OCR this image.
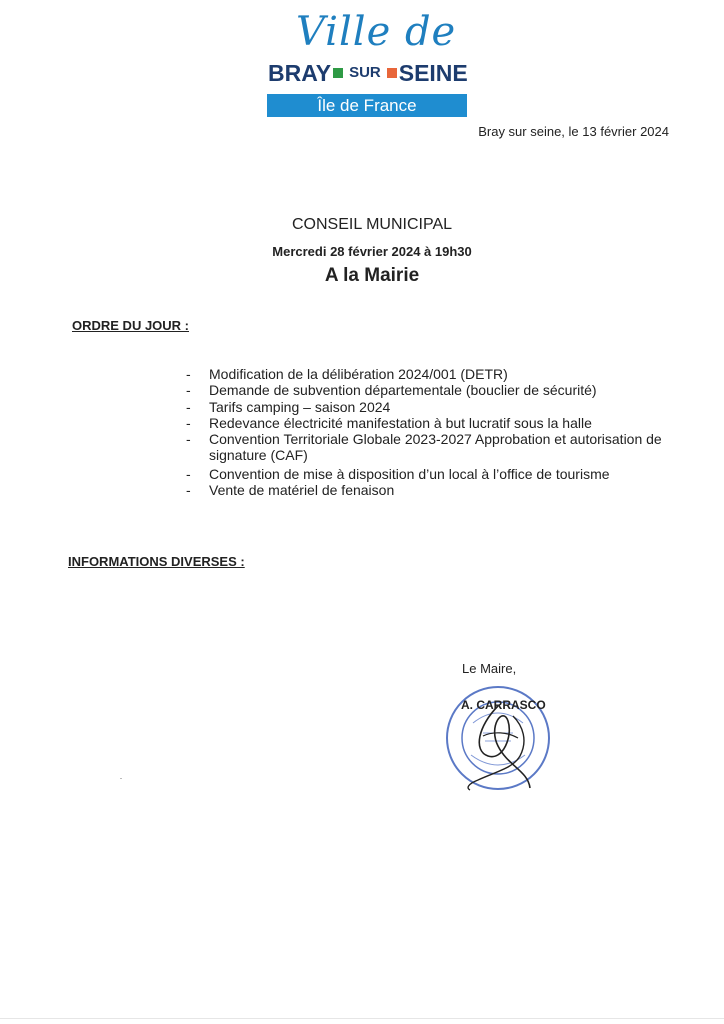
Ville de
BRAY SUR SEINE
Île de France
Bray sur seine, le 13 février 2024
CONSEIL MUNICIPAL
Mercredi 28 février 2024 à 19h30
A la Mairie
ORDRE DU JOUR :
- Modification de la délibération 2024/001 (DETR)
- Demande de subvention départementale (bouclier de sécurité)
- Tarifs camping – saison 2024
- Redevance électricité manifestation à but lucratif sous la halle
- Convention Territoriale Globale 2023-2027 Approbation et autorisation de signature (CAF)
- Convention de mise à disposition d’un local à l’office de tourisme
- Vente de matériel de fenaison
INFORMATIONS DIVERSES :
Le Maire,
A. CARRASCO
